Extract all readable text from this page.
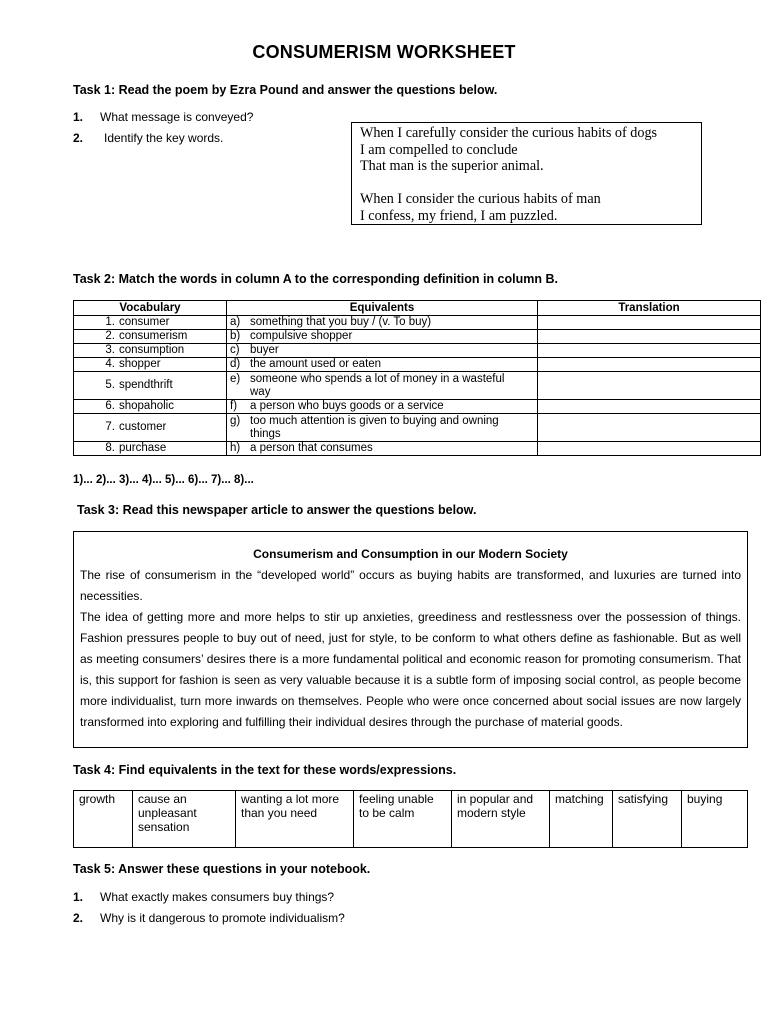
CONSUMERISM WORKSHEET
Task 1: Read the poem by Ezra Pound and answer the questions below.
1. What message is conveyed?
2. Identify the key words.	When I carefully consider the curious habits of dogs
I am compelled to conclude
That man is the superior animal.
When I consider the curious habits of man
I confess, my friend, I am puzzled.
Task 2: Match the words in column A to the corresponding definition in column B.
Vocabulary	Equivalents	Translation
1. consumer	a) something that you buy / (v. To buy)	
2. consumerism	b) compulsive shopper	
3. consumption	c) buyer	
4. shopper	d) the amount used or eaten	
5. spendthrift	e) someone who spends a lot of money in a wasteful way	
6. shopaholic	f) a person who buys goods or a service	
7. customer	g) too much attention is given to buying and owning things	
8. purchase	h) a person that consumes	
1)... 2)... 3)... 4)... 5)... 6)... 7)... 8)...
Task 3: Read this newspaper article to answer the questions below.
Consumerism and Consumption in our Modern Society

The rise of consumerism in the “developed world” occurs as buying habits are transformed, and luxuries are turned into necessities.

The idea of getting more and more helps to stir up anxieties, greediness and restlessness over the possession of things. Fashion pressures people to buy out of need, just for style, to be conform to what others define as fashionable. But as well as meeting consumers’ desires there is a more fundamental political and economic reason for promoting consumerism. That is, this support for fashion is seen as very valuable because it is a subtle form of imposing social control, as people become more individualist, turn more inwards on themselves. People who were once concerned about social issues are now largely transformed into exploring and fulfilling their individual desires through the purchase of material goods.

Task 4: Find equivalents in the text for these words/expressions.
growth	cause an unpleasant sensation	wanting a lot more than you need	feeling unable to be calm	in popular and modern style	matching	satisfying	buying
Task 5: Answer these questions in your notebook.
1. What exactly makes consumers buy things?
2. Why is it dangerous to promote individualism?
